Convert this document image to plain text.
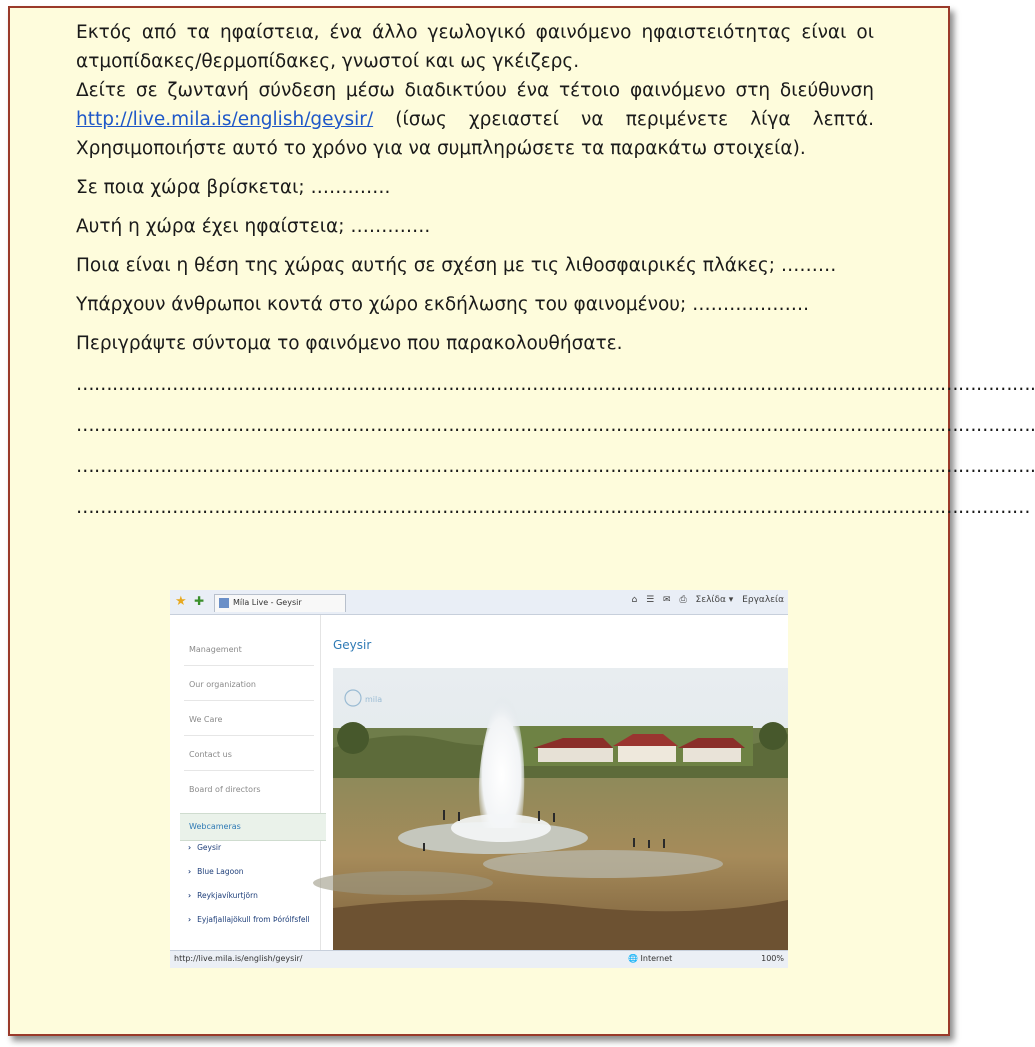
Εκτός από τα ηφαίστεια, ένα άλλο γεωλογικό φαινόμενο ηφαιστειότητας είναι οι ατμοπίδακες/θερμοπίδακες, γνωστοί και ως γκέιζερς.
Δείτε σε ζωντανή σύνδεση μέσω διαδικτύου ένα τέτοιο φαινόμενο στη διεύθυνση http://live.mila.is/english/geysir/ (ίσως χρειαστεί να περιμένετε λίγα λεπτά. Χρησιμοποιήστε αυτό το χρόνο για να συμπληρώσετε τα παρακάτω στοιχεία).

Σε ποια χώρα βρίσκεται; ………….

Αυτή η χώρα έχει ηφαίστεια; ………….

Ποια είναι η θέση της χώρας αυτής σε σχέση με τις λιθοσφαιρικές πλάκες; ………

Υπάρχουν άνθρωποι κοντά στο χώρο εκδήλωσης του φαινομένου; ……………….

Περιγράψτε σύντομα το φαινόμενο που παρακολουθήσατε.

…………………………………………………………………………………………………………………………………………….

…………………………………………………………………………………………………………………………………………….

…………………………………………………………………………………………………………………………………………….

……………………………………………………………………………………………………………………………………………

★ ✚	Míla Live - Geysir	⌂ ☰ ✉ ⎙ Σελίδα ▾ Εργαλεία
Management
Our organization
We Care
Contact us
Board of directors
Webcameras
› Geysir
› Blue Lagoon
› Reykjavíkurtjörn
› Eyjafjallajökull from Þórólfsfell
Geysir
mila
http://live.mila.is/english/geysir/	🌐 Internet	100%
